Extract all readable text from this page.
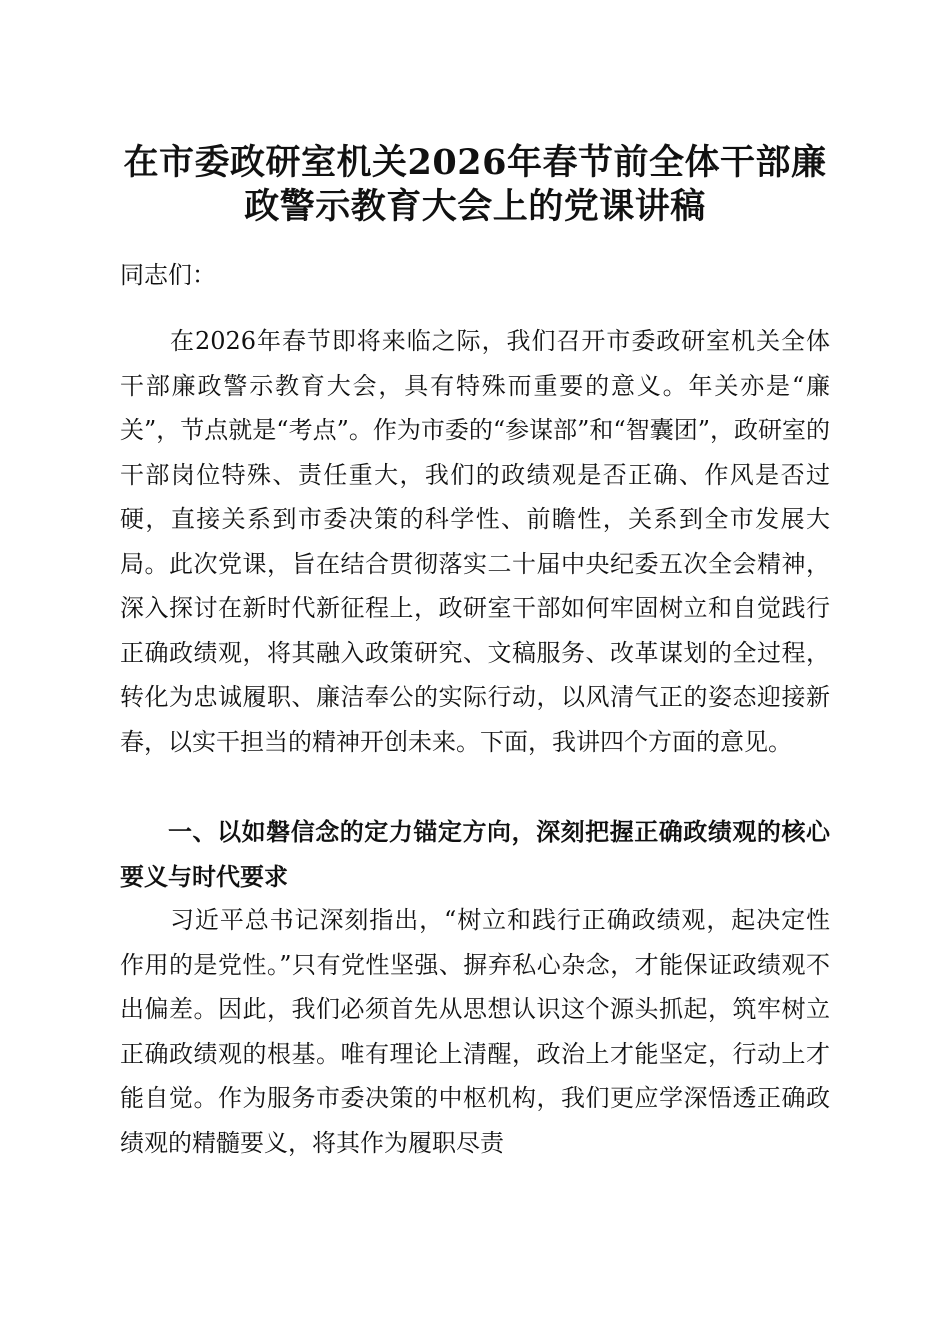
在市委政研室机关2026年春节前全体干部廉
政警示教育大会上的党课讲稿

同志们：

在2026年春节即将来临之际，我们召开市委政研室机关全体干部廉政警示教育大会，具有特殊而重要的意义。年关亦是“廉关”，节点就是“考点”。作为市委的“参谋部”和“智囊团”，政研室的干部岗位特殊、责任重大，我们的政绩观是否正确、作风是否过硬，直接关系到市委决策的科学性、前瞻性，关系到全市发展大局。此次党课，旨在结合贯彻落实二十届中央纪委五次全会精神，深入探讨在新时代新征程上，政研室干部如何牢固树立和自觉践行正确政绩观，将其融入政策研究、文稿服务、改革谋划的全过程，转化为忠诚履职、廉洁奉公的实际行动，以风清气正的姿态迎接新春，以实干担当的精神开创未来。下面，我讲四个方面的意见。

一、以如磐信念的定力锚定方向，深刻把握正确政绩观的核心要义与时代要求

习近平总书记深刻指出，“树立和践行正确政绩观，起决定性作用的是党性。”只有党性坚强、摒弃私心杂念，才能保证政绩观不出偏差。因此，我们必须首先从思想认识这个源头抓起，筑牢树立正确政绩观的根基。唯有理论上清醒，政治上才能坚定，行动上才能自觉。作为服务市委决策的中枢机构，我们更应学深悟透正确政绩观的精髓要义，将其作为履职尽责
